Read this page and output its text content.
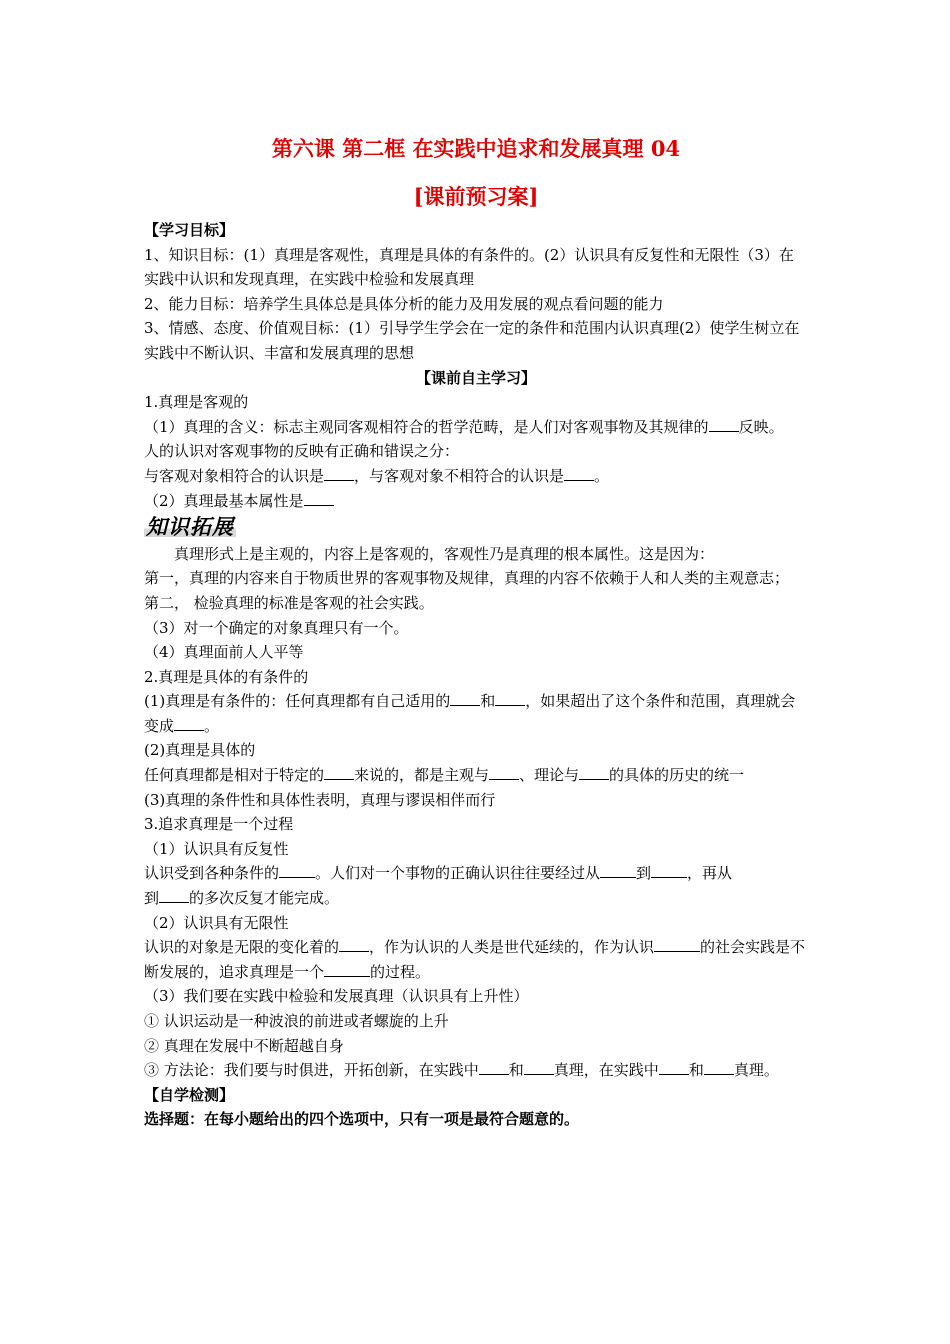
第六课 第二框 在实践中追求和发展真理 04
[课前预习案]

【学习目标】

1、知识目标：(1）真理是客观性，真理是具体的有条件的。(2）认识具有反复性和无限性（3）在实践中认识和发现真理，在实践中检验和发展真理

2、能力目标：培养学生具体总是具体分析的能力及用发展的观点看问题的能力

3、情感、态度、价值观目标：(1）引导学生学会在一定的条件和范围内认识真理(2）使学生树立在实践中不断认识、丰富和发展真理的思想

【课前自主学习】

1.真理是客观的

（1）真理的含义：标志主观同客观相符合的哲学范畴，是人们对客观事物及其规律的 反映。

人的认识对客观事物的反映有正确和错误之分：

与客观对象相符合的认识是 ，与客观对象不相符合的认识是 。

（2）真理最基本属性是

知识拓展

真理形式上是主观的，内容上是客观的，客观性乃是真理的根本属性。这是因为：

第一，真理的内容来自于物质世界的客观事物及规律，真理的内容不依赖于人和人类的主观意志；

第二， 检验真理的标准是客观的社会实践。

（3）对一个确定的对象真理只有一个。

（4）真理面前人人平等

2.真理是具体的有条件的

(1)真理是有条件的：任何真理都有自己适用的 和 ，如果超出了这个条件和范围，真理就会变成 。

(2)真理是具体的

任何真理都是相对于特定的 来说的，都是主观与 、理论与 的具体的历史的统一

(3)真理的条件性和具体性表明，真理与谬误相伴而行

3.追求真理是一个过程

（1）认识具有反复性

认识受到各种条件的 。人们对一个事物的正确认识往往要经过从 到 ，再从
到 的多次反复才能完成。

（2）认识具有无限性

认识的对象是无限的变化着的 ，作为认识的人类是世代延续的，作为认识	的社会实践是不断发展的，追求真理是一个	的过程。

（3）我们要在实践中检验和发展真理（认识具有上升性）

① 认识运动是一种波浪的前进或者螺旋的上升

② 真理在发展中不断超越自身

③ 方法论：我们要与时俱进，开拓创新，在实践中 和 真理，在实践中 和 真理。

【自学检测】

选择题：在每小题给出的四个选项中，只有一项是最符合题意的。
